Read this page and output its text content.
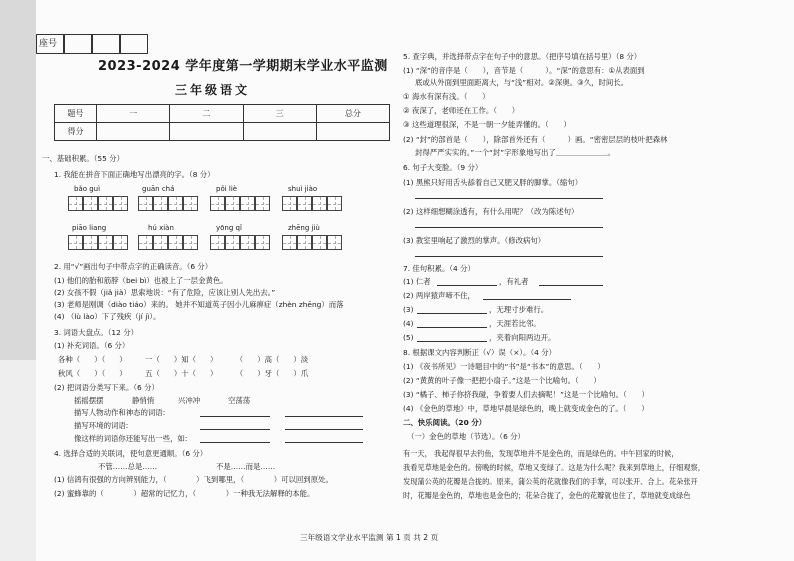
座号
2023-2024 学年度第一学期期末学业水平监测
三年级语文
题号	一	二	三	总分
得分				
一、基础积累。（55 分）
1. 我能在拼音下面正确地写出漂亮的字。（8 分）
bǎo guì	guān chá	pǒi liè	shuì jiào
piāo liang	hú xiàn	yōng qǐ	zhēng jiù
2. 用“√”画出句子中带点字的正确读音。（6 分）
(1) 他们的胎和筋脖（bei bì）也被上了一层金黄色。
(2) 女孩不假（jiǎ jià）思索地说：“有了危险，应该让别人先出去。”
(3) 老师是刚调（diào tiáo）来的。 她并不知道英子因小儿麻痹症（zhèn zhēng）而落
(4) （lù lào）下了残疾（jí jì）。
3. 词语大盘点。（12 分）
(1) 补充词语。（6 分）
各种（ ）（ ） 一（ ）知（ ） （ ）高（ ）淡
秋风（ ）（ ） 五（ ）十（ ） （ ）牙（ ）爪
(2) 把词语分类写下来。（6 分）
摇摇摆摆	静悄悄	兴冲冲	空荡荡
描写人物动作和神态的词语:
描写环境的词语:
像这样的词语你还能写出一些，如:
4. 选择合适的关联词，使句意更通顺。（6 分）
不管……总是……	不是……而是……
(1) 信鸽有很强的方向辨别能力，（　　　　）飞到哪里，（　　　　）可以回到原处。
(2) 蜜蜂靠的（　　　　）超常的记忆力，（　　　　）一种我无法解释的本能。
5. 查字典，并选择带点字在句子中的意思。（把序号填在括号里）（8 分）
(1) “深”的音序是（　　），音节是（　　　）。“深”的意思有：①从表面到
底或从外面到里面距离大，与“浅”相对。②深奥。③久，时间长。
① 海水有深有浅。（　　）
② 夜深了，老师还在工作。（　　）
③ 这些道理很深，不是一朝一夕能弄懂的。（　　）
(2) “封”的部首是（　　），除部首外还有（　　　）画。“密密层层的枝叶把森林
封得严严实实的。”一个“封”字形象地写出了＿＿＿＿＿＿＿。
6. 句子大变脸。（9 分）
(1) 黑熊只好用舌头舔着自己又肥又胖的脚掌。（缩句）
(2) 这样细想糊涂透有，有什么用呢？（改为陈述句）
(3) 教室里响起了激烈的掌声。（修改病句）
7. 佳句积累。（4 分）
(1) 仁者	，有礼者
(2) 两岸猿声啼不住，
(3)	，无理寸步难行。
(4)	，天涯若比邻。
(5)	，夹着向阳两边开。
8. 根据课文内容判断正（√）误（×）。（4 分）
(1) 《夜书所见》一诗题目中的“书”是“书本”的意思。（　　）
(2) “黄黄的叶子像一把把小扇子。”这是一个比喻句。（　　）
(3) “橘子、柿子你挤我碰，争着要人们去摘呢！”这是一个比喻句。（　　）
(4) 《金色的草地》中，草地早晨是绿色的，晚上就变成金色的了。（　　）
二、快乐阅读。（20 分）
（一）金色的草地（节选）。（6 分）
有一天， 我起得很早去钓鱼，发现草地并不是金色的，而是绿色的。中午回家的时候，
我看见草地是金色的。傍晚的时候，草地又变绿了。这是为什么呢？我来到草地上，仔细观察，
发现蒲公英的花瓣是合拢的。原来，蒲公英的花就像我们的手掌，可以张开、合上。花朵张开
时，花瓣是金色的，草地也是金色的；花朵合拢了，金色的花瓣就也住了，草地就变成绿色
三年级语文学业水平监测 第 1 页 共 2 页
